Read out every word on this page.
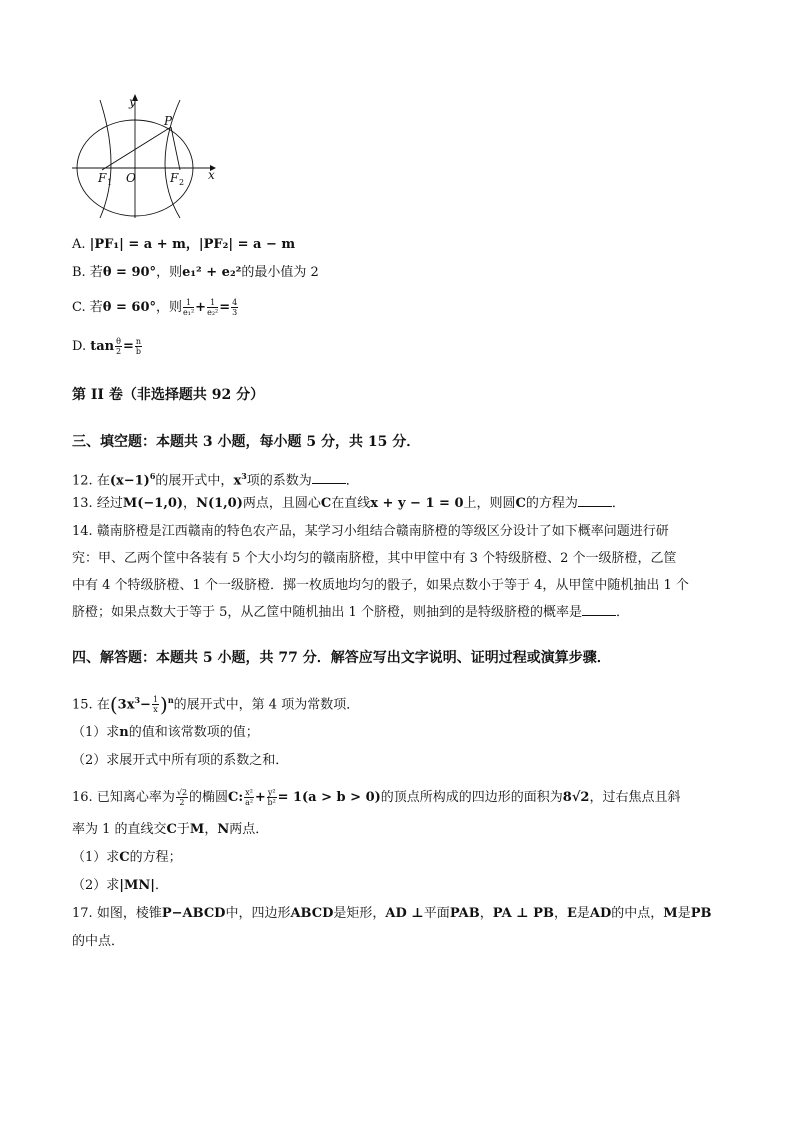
y
x
P
F 1 O	F 2
A. |PF₁| = a + m，|PF₂| = a − m
B. 若θ = 90°，则e₁² + e₂²的最小值为 2
C. 若θ = 60°，则 $\frac{1}{\text{e₁²}} + \frac{1}{\text{e₂²}} = \frac{4}{3}$
D. $\tan \frac{\theta}{2} = \frac{n}{b}$
第 II 卷（非选择题共 92 分）
三、填空题：本题共 3 小题，每小题 5 分，共 15 分．
12. 在$(x-1)^6$的展开式中，$x^3$项的系数为	．
13. 经过M(−1,0)，N(1,0)两点，且圆心C在直线x + y − 1 = 0上，则圆C的方程为	．
14. 赣南脐橙是江西赣南的特色农产品，某学习小组结合赣南脐橙的等级区分设计了如下概率问题进行研
究：甲、乙两个筐中各装有 5 个大小均匀的赣南脐橙，其中甲筐中有 3 个特级脐橙、2 个一级脐橙，乙筐
中有 4 个特级脐橙、1 个一级脐橙．掷一枚质地均匀的骰子，如果点数小于等于 4，从甲筐中随机抽出 1 个
脐橙；如果点数大于等于 5，从乙筐中随机抽出 1 个脐橙，则抽到的是特级脐橙的概率是	．
四、解答题：本题共 5 小题，共 77 分．解答应写出文字说明、证明过程或演算步骤．
15. 在$(3x^3- \frac{1}{x} )^n$的展开式中，第 4 项为常数项．
（1）求n的值和该常数项的值；
（2）求展开式中所有项的系数之和．
16. 已知离心率为 $\frac{√2}{2}$ 的椭圆C: $\frac{\text{x²}}{\text{a²}} + \frac{\text{y²}}{\text{b²}} = 1(a > b > 0)$的顶点所构成的四边形的面积为8√2，过右焦点且斜
率为 1 的直线交C于M，N两点．
（1）求C的方程；
（2）求|MN|．
17. 如图，棱锥P−ABCD中，四边形ABCD是矩形，AD ⊥平面PAB，PA ⊥ PB，E是AD的中点，M是PB
的中点．
